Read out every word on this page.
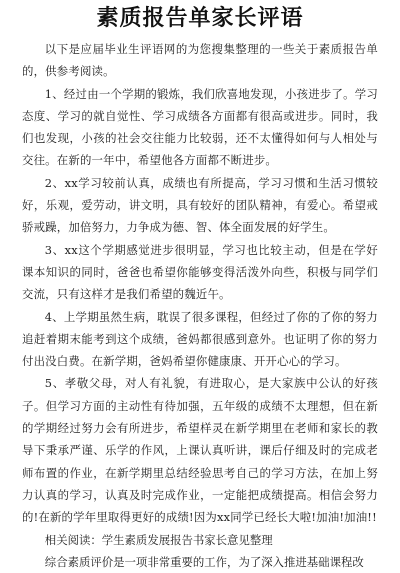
素质报告单家长评语

以下是应届毕业生评语网的为您搜集整理的一些关于素质报告单的，供参考阅读。

1、经过由一个学期的锻炼，我们欣喜地发现，小孩进步了。学习态度、学习的就自觉性、学习成绩各方面都有很高或进步。同时，我们也发现，小孩的社会交往能力比较弱，还不太懂得如何与人相处与交往。在新的一年中，希望他各方面都不断进步。

2、xx学习较前认真，成绩也有所提高，学习习惯和生活习惯较好，乐观，爱劳动，讲文明，具有较好的团队精神，有爱心。希望戒骄戒躁，加倍努力，力争成为德、智、体全面发展的好学生。

3、xx这个学期感觉进步很明显，学习也比较主动，但是在学好课本知识的同时，爸爸也希望你能够变得活泼外向些，积极与同学们交流，只有这样才是我们希望的魏近午。

4、上学期虽然生病，耽误了很多课程，但经过了你的了你的努力追赶着期末能考到这个成绩，爸妈都很感到意外。也证明了你的努力付出没白费。在新学期，爸妈希望你健康康、开开心心的学习。

5、孝敬父母，对人有礼貌，有进取心，是大家族中公认的好孩子。但学习方面的主动性有待加强，五年级的成绩不太理想，但在新的学期经过努力会有所进步，希望样灵在新学期里在老师和家长的教导下秉承严谨、乐学的作风，上课认真听讲，课后仔细及时的完成老师布置的作业，在新学期里总结经验思考自己的学习方法，在加上努力认真的学习，认真及时完成作业，一定能把成绩提高。相信会努力的!在新的学年里取得更好的成绩!因为xx同学已经长大啦!加油!加油!!

相关阅读：学生素质发展报告书家长意见整理

综合素质评价是一项非常重要的工作，为了深入推进基础课程改
